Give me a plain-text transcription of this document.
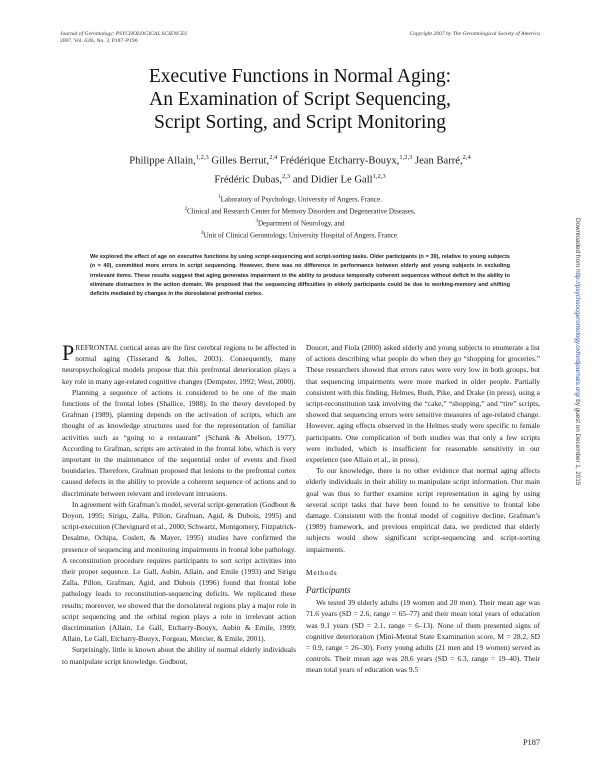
Journal of Gerontology: PSYCHOLOGICAL SCIENCES
2007, Vol. 62B, No. 3, P187–P190
Copyright 2007 by The Gerontological Society of America
Executive Functions in Normal Aging:
An Examination of Script Sequencing,
Script Sorting, and Script Monitoring
Philippe Allain,$^{1,2,3}$ Gilles Berrut,$^{2,4}$ Frédérique Etcharry-Bouyx,$^{1,2,3}$ Jean Barré,$^{2,4}$
Frédéric Dubas,$^{2,3}$ and Didier Le Gall$^{1,2,3}$
$^1$Laboratory of Psychology, University of Angers, France.
$^2$Clinical and Research Center for Memory Disorders and Degenerative Diseases,
$^3$Department of Neurology, and
$^4$Unit of Clinical Gerontology, University Hospital of Angers, France.
We explored the effect of age on executive functions by using script-sequencing and script-sorting tasks. Older participants (n = 39), relative to young subjects (n = 40), committed more errors in script sequencing. However, there was no difference in performance between elderly and young subjects in excluding irrelevant items. These results suggest that aging generates impairment in the ability to produce temporally coherent sequences without deficit in the ability to eliminate distractors in the action domain. We proposed that the sequencing difficulties in elderly participants could be due to working-memory and shifting deficits mediated by changes in the dorsolateral prefrontal cortex.

PREFRONTAL cortical areas are the first cerebral regions to be affected in normal aging (Tisserand & Jolles, 2003). Consequently, many neuropsychological models propose that this prefrontal deterioration plays a key role in many age-related cognitive changes (Dempster, 1992; West, 2000).

Planning a sequence of actions is considered to be one of the main functions of the frontal lobes (Shallice, 1988). In the theory developed by Grafman (1989), planning depends on the activation of scripts, which are thought of as knowledge structures used for the representation of familiar activities such as “going to a restaurant” (Schank & Abelson, 1977). According to Grafman, scripts are activated in the frontal lobe, which is very important in the maintenance of the sequential order of events and fixed boundaries. Therefore, Grafman proposed that lesions to the prefrontal cortex caused defects in the ability to provide a coherent sequence of actions and to discriminate between relevant and irrelevant intrusions.

In agreement with Grafman’s model, several script-generation (Godbout & Doyon, 1995; Sirigu, Zalla, Pillon, Grafman, Agid, & Dubois, 1995) and script-execution (Chevignard et al., 2000; Schwartz, Montgomery, Fitzpatrick-Desalme, Ochipa, Coslett, & Mayer, 1995) studies have confirmed the presence of sequencing and monitoring impairments in frontal lobe pathology. A reconstitution procedure requires participants to sort script activities into their proper sequence. Le Gall, Aubin, Allain, and Emile (1993) and Sirigu Zalla, Pillon, Grafman, Agid, and Dubois (1996) found that frontal lobe pathology leads to reconstitution-sequencing deficits. We replicated these results; moreover, we showed that the dorsolateral regions play a major role in script sequencing and the orbital region plays a role in irrelevant action discrimination (Allain, Le Gall, Etcharry-Bouyx, Aubin & Emile, 1999; Allain, Le Gall, Etcharry-Bouyx, Forgeau, Mercier, & Emile, 2001).

Surprisingly, little is known about the ability of normal elderly individuals to manipulate script knowledge. Godbout,

Doucet, and Fiola (2000) asked elderly and young subjects to enumerate a list of actions describing what people do when they go “shopping for groceries.” These researchers showed that errors rates were very low in both groups, but that sequencing impairments were more marked in older people. Partially consistent with this finding, Helmes, Bush, Pike, and Drake (in press), using a script-reconstitution task involving the “cake,” “shopping,” and “tire” scripts, showed that sequencing errors were sensitive measures of age-related change. However, aging effects observed in the Helmes study were specific to female participants. One complication of both studies was that only a few scripts were included, which is insufficient for reasonable sensitivity in our experience (see Allain et al., in press).

To our knowledge, there is no other evidence that normal aging affects elderly individuals in their ability to manipulate script information. Our main goal was thus to further examine script representation in aging by using several script tasks that have been found to be sensitive to frontal lobe damage. Consistent with the frontal model of cognitive decline, Grafman’s (1989) framework, and previous empirical data, we predicted that elderly subjects would show significant script-sequencing and script-sorting impairments.

Methods
Participants

We tested 39 elderly adults (19 women and 20 men). Their mean age was 71.6 years (SD = 2.6, range = 65–77) and their mean total years of education was 9.1 years (SD = 2.1, range = 6–13). None of them presented signs of cognitive deterioration (Mini-Mental State Examination score, M = 28.2, SD = 0.9, range = 26–30). Forty young adults (21 men and 19 women) served as controls. Their mean age was 28.6 years (SD = 6.3, range = 19–40). Their mean total years of education was 9.5

P187
Downloaded from http://psychsocgerontology.oxfordjournals.org/ by guest on December 1, 2015
